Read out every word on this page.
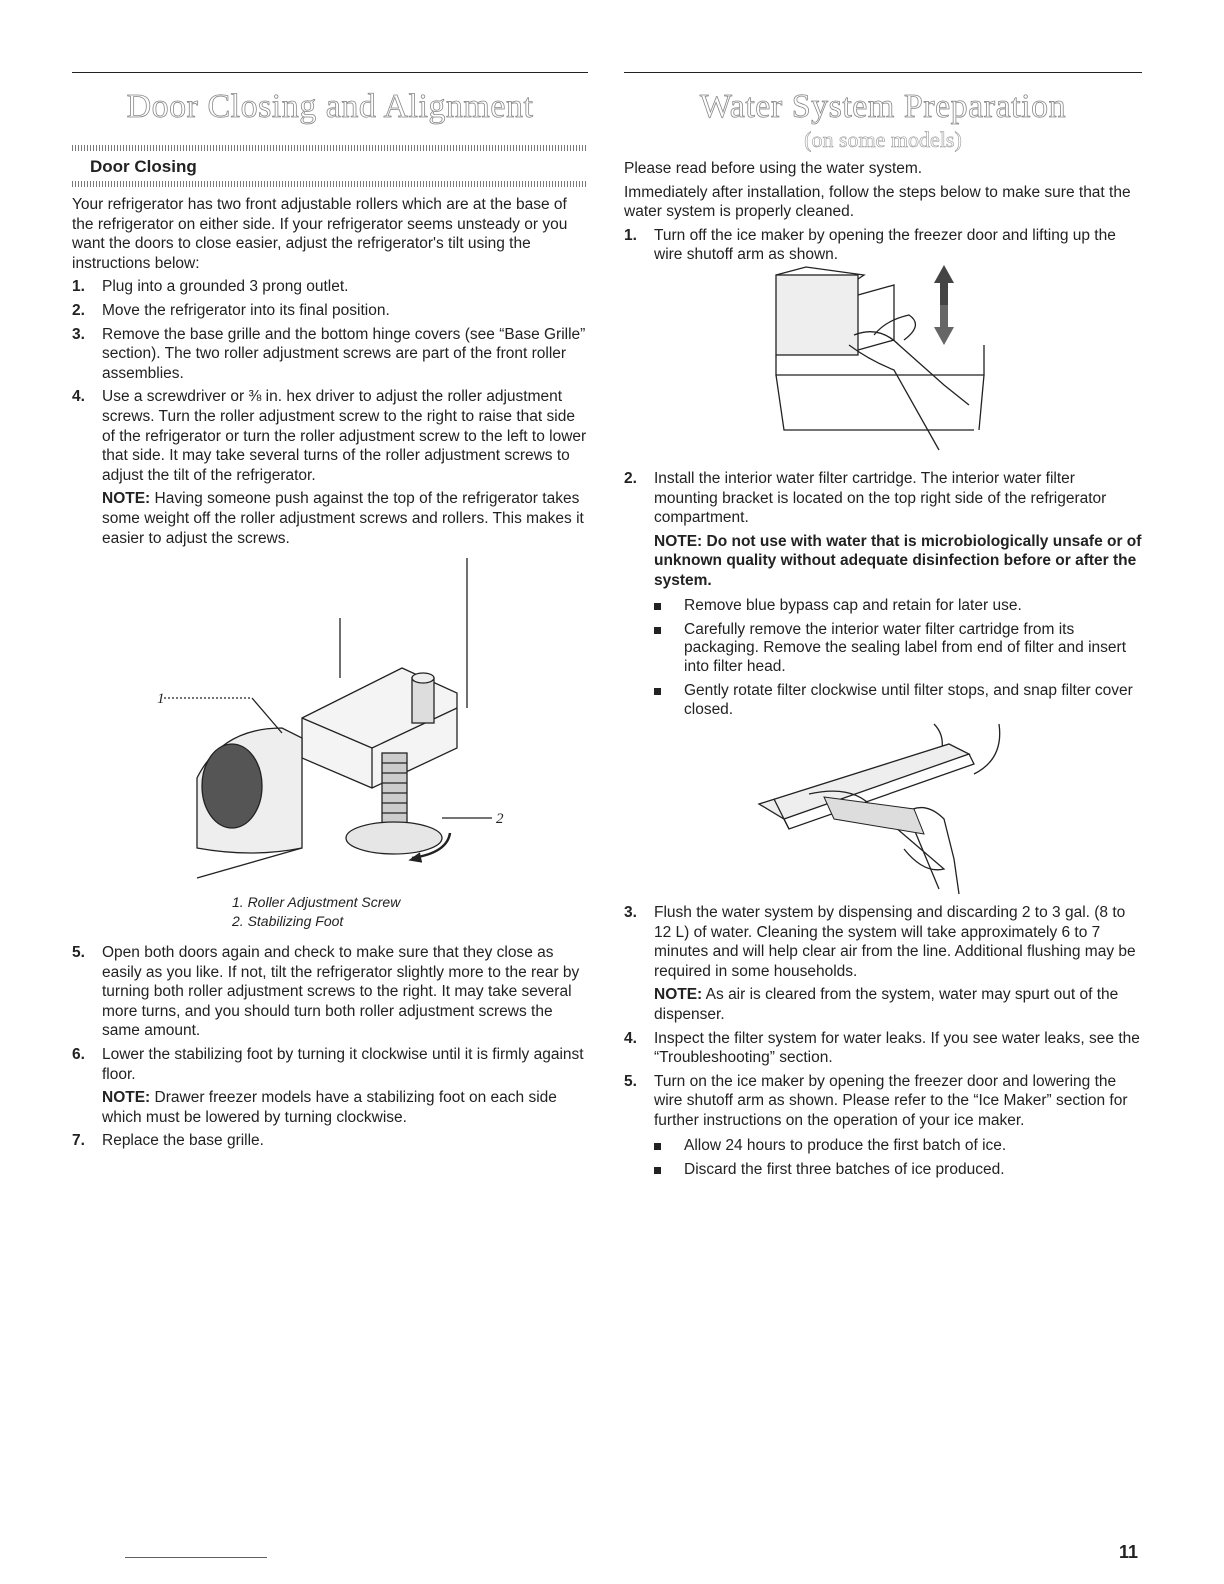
Door Closing and Alignment
Door Closing

Your refrigerator has two front adjustable rollers which are at the base of the refrigerator on either side. If your refrigerator seems unsteady or you want the doors to close easier, adjust the refrigerator's tilt using the instructions below:

1.	Plug into a grounded 3 prong outlet.
2.	Move the refrigerator into its final position.
3.	Remove the base grille and the bottom hinge covers (see “Base Grille” section). The two roller adjustment screws are part of the front roller assemblies.
4.	Use a screwdriver or ⅜ in. hex driver to adjust the roller adjustment screws. Turn the roller adjustment screw to the right to raise that side of the refrigerator or turn the roller adjustment screw to the left to lower that side. It may take several turns of the roller adjustment screws to adjust the tilt of the refrigerator.

NOTE: Having someone push against the top of the refrigerator takes some weight off the roller adjustment screws and rollers. This makes it easier to adjust the screws.

1
2
1. Roller Adjustment Screw
2. Stabilizing Foot
5.	Open both doors again and check to make sure that they close as easily as you like. If not, tilt the refrigerator slightly more to the rear by turning both roller adjustment screws to the right. It may take several more turns, and you should turn both roller adjustment screws the same amount.
6.	Lower the stabilizing foot by turning it clockwise until it is firmly against floor.

NOTE: Drawer freezer models have a stabilizing foot on each side which must be lowered by turning clockwise.

7.	Replace the base grille.
Water System Preparation
(on some models)

Please read before using the water system.

Immediately after installation, follow the steps below to make sure that the water system is properly cleaned.

1.	Turn off the ice maker by opening the freezer door and lifting up the wire shutoff arm as shown.
2.	Install the interior water filter cartridge. The interior water filter mounting bracket is located on the top right side of the refrigerator compartment.

NOTE: Do not use with water that is microbiologically unsafe or of unknown quality without adequate disinfection before or after the system.

Remove blue bypass cap and retain for later use.
Carefully remove the interior water filter cartridge from its packaging. Remove the sealing label from end of filter and insert into filter head.
Gently rotate filter clockwise until filter stops, and snap filter cover closed.
3.	Flush the water system by dispensing and discarding 2 to 3 gal. (8 to 12 L) of water. Cleaning the system will take approximately 6 to 7 minutes and will help clear air from the line. Additional flushing may be required in some households.

NOTE: As air is cleared from the system, water may spurt out of the dispenser.

4.	Inspect the filter system for water leaks. If you see water leaks, see the “Troubleshooting” section.
5.	Turn on the ice maker by opening the freezer door and lowering the wire shutoff arm as shown. Please refer to the “Ice Maker” section for further instructions on the operation of your ice maker.
Allow 24 hours to produce the first batch of ice.
Discard the first three batches of ice produced.
11
